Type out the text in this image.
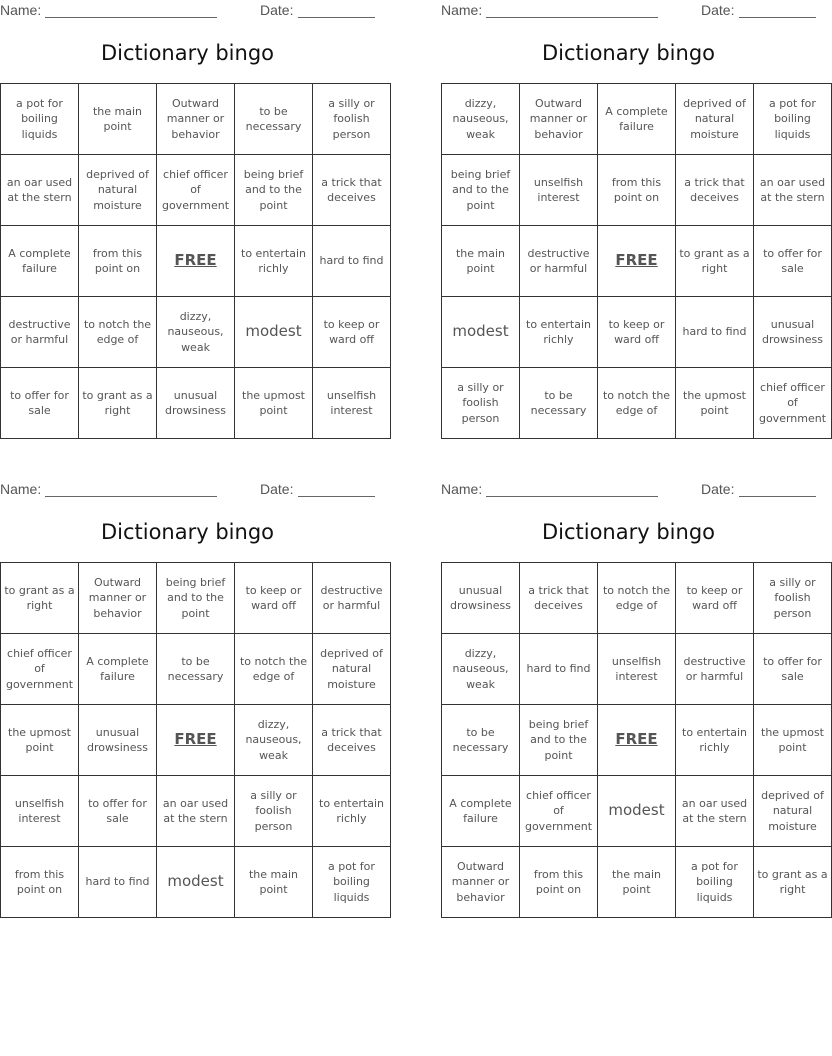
Name:	Date:
Dictionary bingo
a pot for boiling liquids	the main point	Outward manner or behavior	to be necessary	a silly or foolish person
an oar used at the stern	deprived of natural moisture	chief officer of government	being brief and to the point	a trick that deceives
A complete failure	from this point on	FREE	to entertain richly	hard to find
destructive or harmful	to notch the edge of	dizzy, nauseous, weak	modest	to keep or ward off
to offer for sale	to grant as a right	unusual drowsiness	the upmost point	unselfish interest
Name:	Date:
Dictionary bingo
dizzy, nauseous, weak	Outward manner or behavior	A complete failure	deprived of natural moisture	a pot for boiling liquids
being brief and to the point	unselfish interest	from this point on	a trick that deceives	an oar used at the stern
the main point	destructive or harmful	FREE	to grant as a right	to offer for sale
modest	to entertain richly	to keep or ward off	hard to find	unusual drowsiness
a silly or foolish person	to be necessary	to notch the edge of	the upmost point	chief officer of government
Name:	Date:
Dictionary bingo
to grant as a right	Outward manner or behavior	being brief and to the point	to keep or ward off	destructive or harmful
chief officer of government	A complete failure	to be necessary	to notch the edge of	deprived of natural moisture
the upmost point	unusual drowsiness	FREE	dizzy, nauseous, weak	a trick that deceives
unselfish interest	to offer for sale	an oar used at the stern	a silly or foolish person	to entertain richly
from this point on	hard to find	modest	the main point	a pot for boiling liquids
Name:	Date:
Dictionary bingo
unusual drowsiness	a trick that deceives	to notch the edge of	to keep or ward off	a silly or foolish person
dizzy, nauseous, weak	hard to find	unselfish interest	destructive or harmful	to offer for sale
to be necessary	being brief and to the point	FREE	to entertain richly	the upmost point
A complete failure	chief officer of government	modest	an oar used at the stern	deprived of natural moisture
Outward manner or behavior	from this point on	the main point	a pot for boiling liquids	to grant as a right
